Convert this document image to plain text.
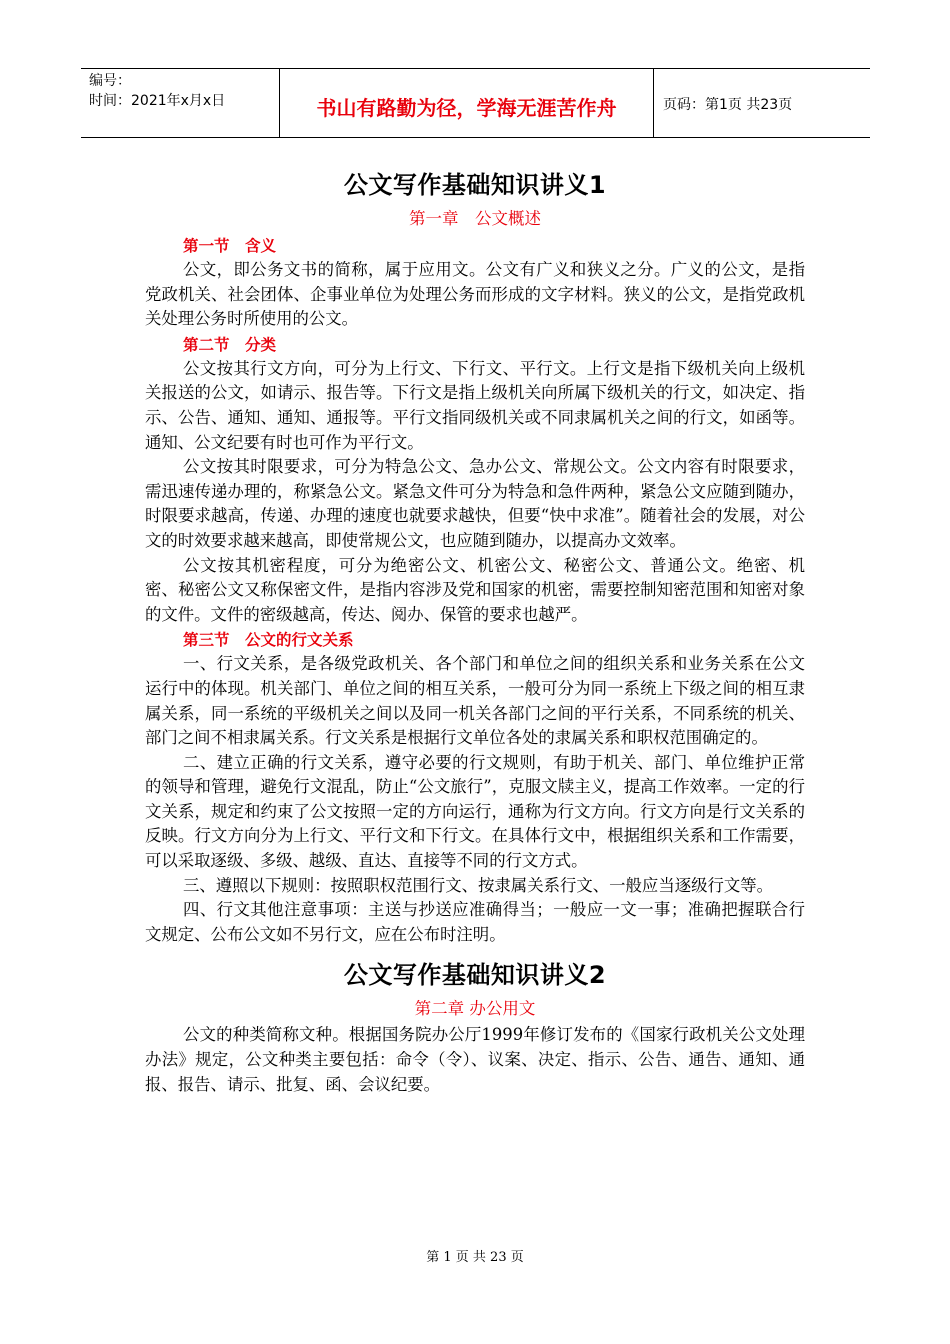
编号：
时间：2021年x月x日	书山有路勤为径，学海无涯苦作舟	页码：第1页 共23页
公文写作基础知识讲义1
第一章　公文概述
第一节　含义

公文，即公务文书的简称，属于应用文。公文有广义和狭义之分。广义的公文，是指党政机关、社会团体、企事业单位为处理公务而形成的文字材料。狭义的公文，是指党政机关处理公务时所使用的公文。

第二节　分类

公文按其行文方向，可分为上行文、下行文、平行文。上行文是指下级机关向上级机关报送的公文，如请示、报告等。下行文是指上级机关向所属下级机关的行文，如决定、指示、公告、通知、通知、通报等。平行文指同级机关或不同隶属机关之间的行文，如函等。通知、公文纪要有时也可作为平行文。

公文按其时限要求，可分为特急公文、急办公文、常规公文。公文内容有时限要求，需迅速传递办理的，称紧急公文。紧急文件可分为特急和急件两种，紧急公文应随到随办，时限要求越高，传递、办理的速度也就要求越快，但要“快中求准”。随着社会的发展，对公文的时效要求越来越高，即使常规公文，也应随到随办，以提高办文效率。

公文按其机密程度，可分为绝密公文、机密公文、秘密公文、普通公文。绝密、机密、秘密公文又称保密文件，是指内容涉及党和国家的机密，需要控制知密范围和知密对象的文件。文件的密级越高，传达、阅办、保管的要求也越严。

第三节　公文的行文关系

一、行文关系，是各级党政机关、各个部门和单位之间的组织关系和业务关系在公文运行中的体现。机关部门、单位之间的相互关系，一般可分为同一系统上下级之间的相互隶属关系，同一系统的平级机关之间以及同一机关各部门之间的平行关系，不同系统的机关、部门之间不相隶属关系。行文关系是根据行文单位各处的隶属关系和职权范围确定的。

二、建立正确的行文关系，遵守必要的行文规则，有助于机关、部门、单位维护正常的领导和管理，避免行文混乱，防止“公文旅行”，克服文牍主义，提高工作效率。一定的行文关系，规定和约束了公文按照一定的方向运行，通称为行文方向。行文方向是行文关系的反映。行文方向分为上行文、平行文和下行文。在具体行文中，根据组织关系和工作需要，可以采取逐级、多级、越级、直达、直接等不同的行文方式。

三、遵照以下规则：按照职权范围行文、按隶属关系行文、一般应当逐级行文等。

四、行文其他注意事项：主送与抄送应准确得当；一般应一文一事；准确把握联合行文规定、公布公文如不另行文，应在公布时注明。

公文写作基础知识讲义2
第二章 办公用文

公文的种类简称文种。根据国务院办公厅1999年修订发布的《国家行政机关公文处理办法》规定，公文种类主要包括：命令（令）、议案、决定、指示、公告、通告、通知、通报、报告、请示、批复、函、会议纪要。

第 1 页 共 23 页
